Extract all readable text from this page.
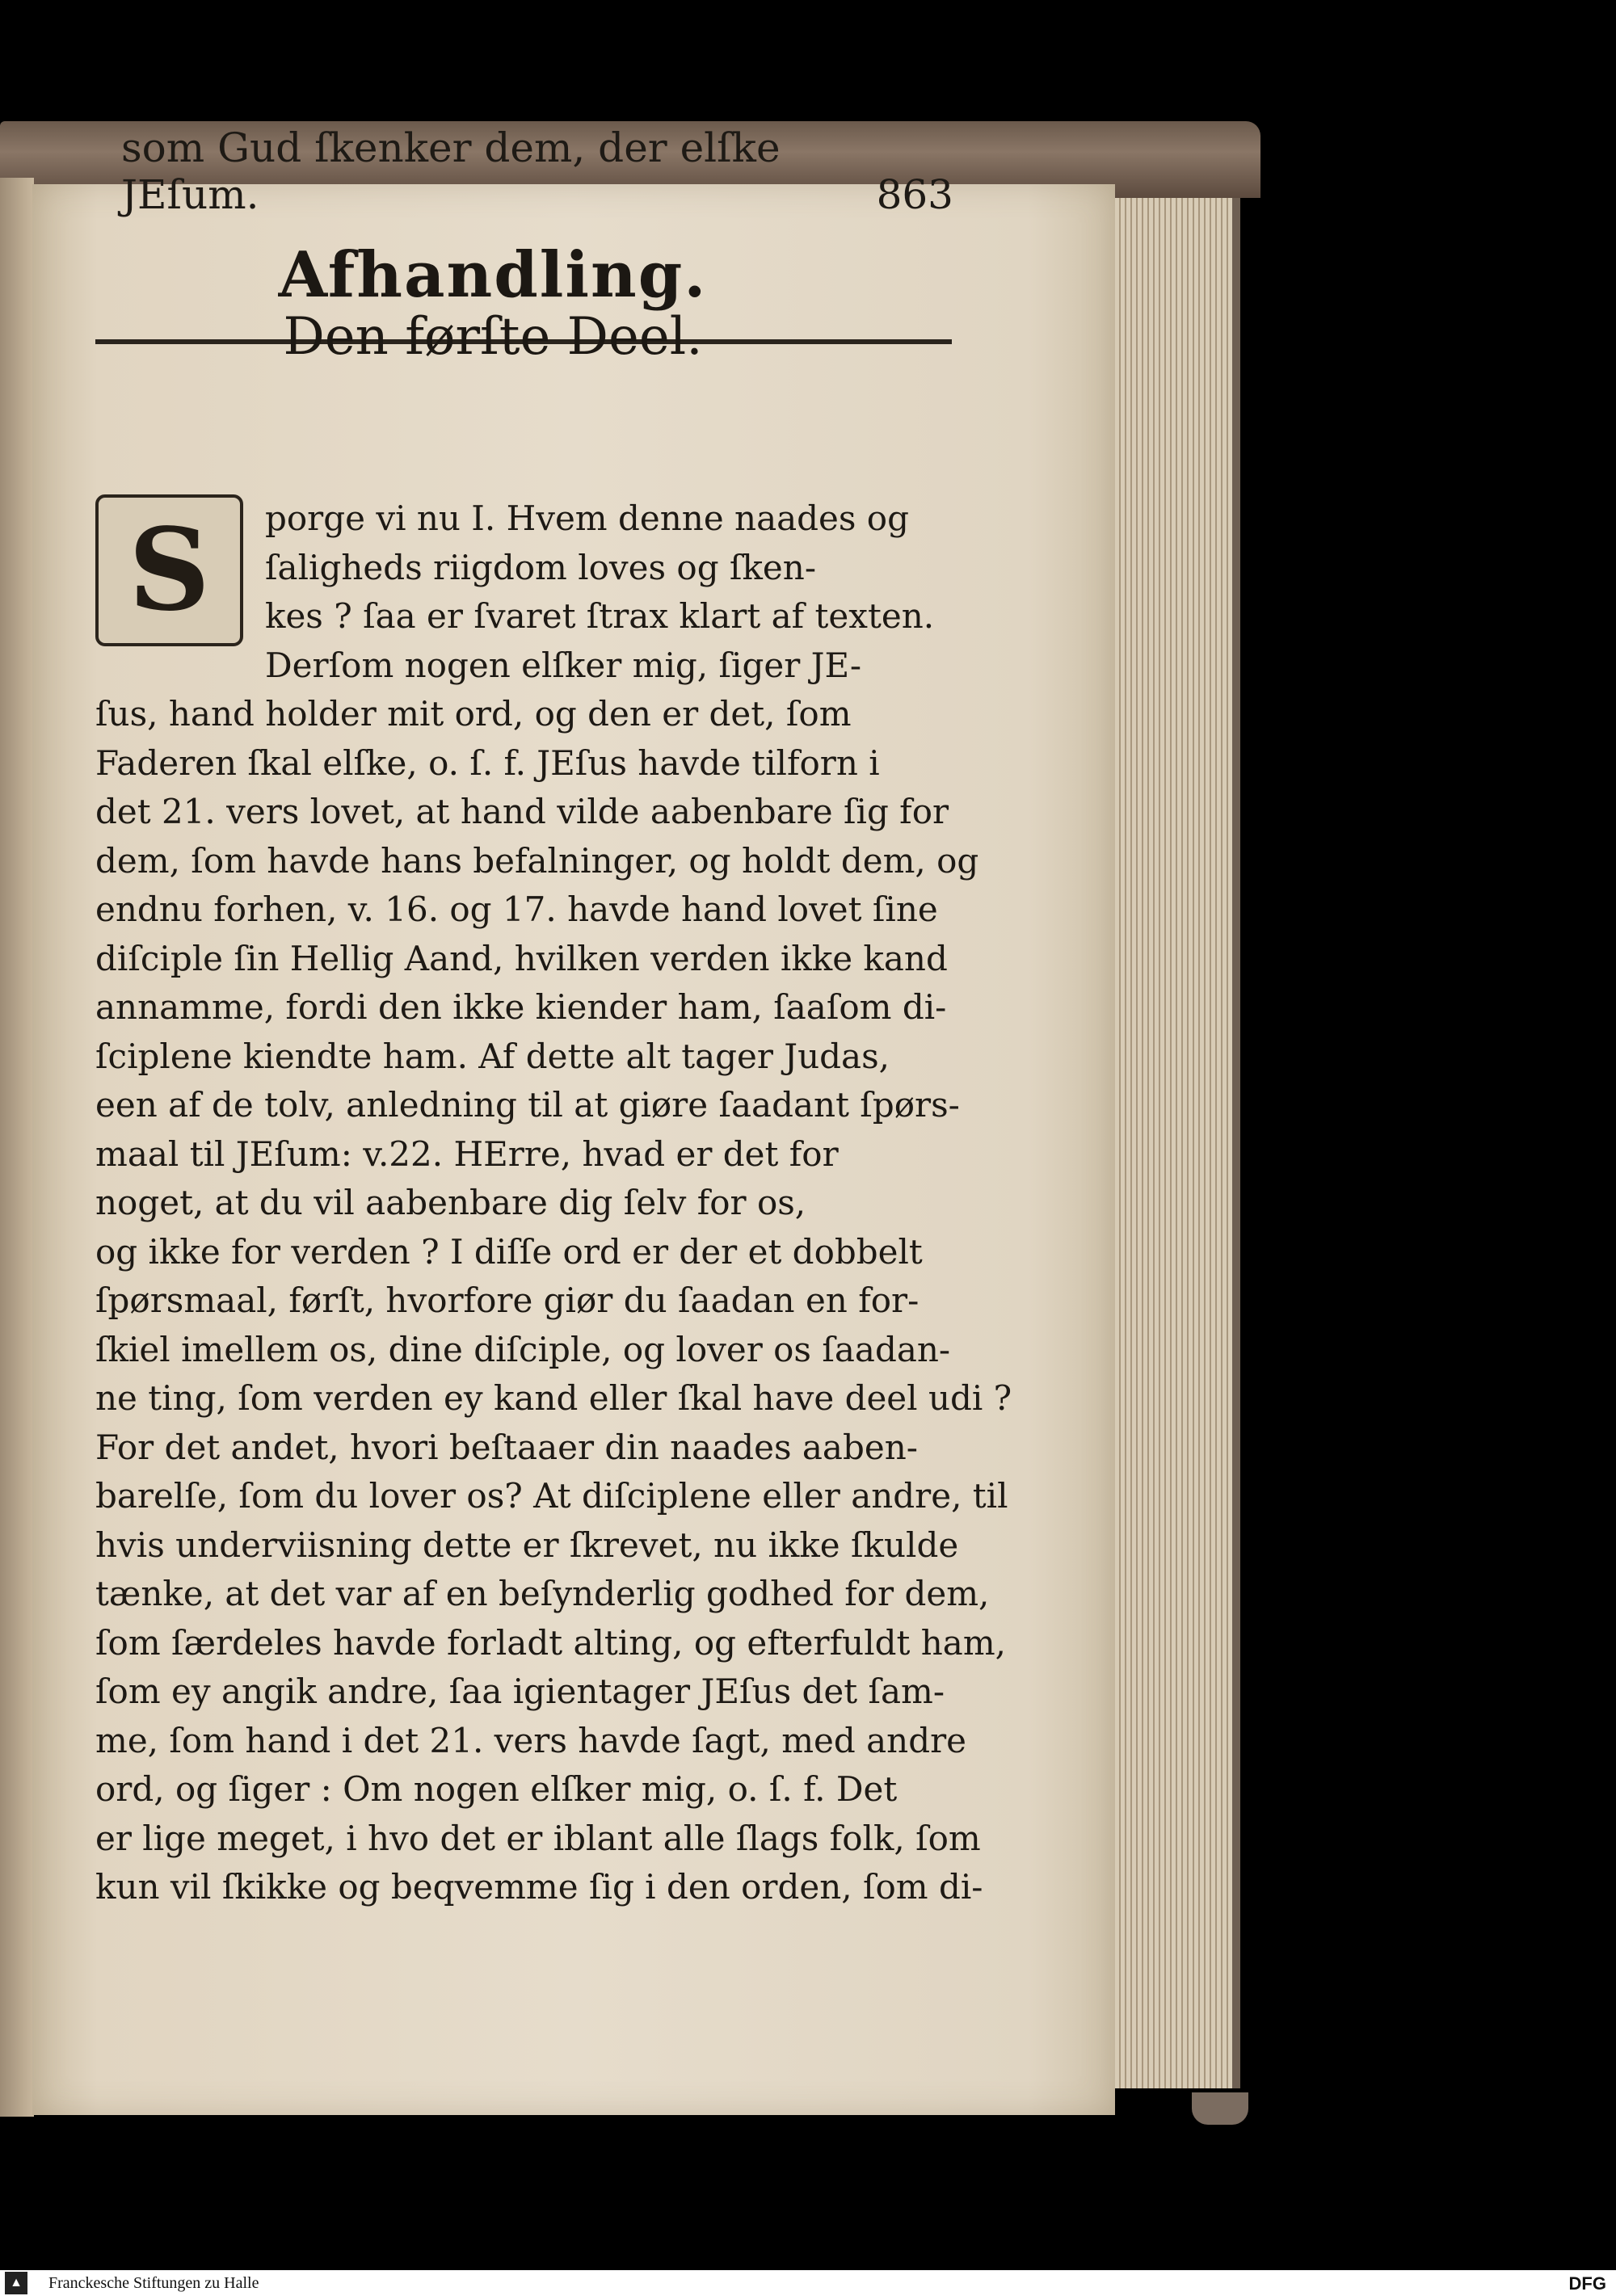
som Gud ſkenker dem, der elſke JEſum.	863
Afhandling.
Den førſte Deel.
porge vi nu I. Hvem denne naades og
ſaligheds riigdom loves og ſken-
kes ? ſaa er ſvaret ſtrax klart af texten.
Derſom nogen elſker mig, ſiger JE-
ſus, hand holder mit ord, og den er det, ſom
Faderen ſkal elſke, o. ſ. f. JEſus havde tilforn i
det 21. vers lovet, at hand vilde aabenbare ſig for
dem, ſom havde hans befalninger, og holdt dem, og
endnu forhen, v. 16. og 17. havde hand lovet ſine
diſciple ſin Hellig Aand, hvilken verden ikke kand
annamme, fordi den ikke kiender ham, ſaaſom di-
ſciplene kiendte ham. Af dette alt tager Judas,
een af de tolv, anledning til at giøre ſaadant ſpørs-
maal til JEſum: v.22. HErre, hvad er det for
noget, at du vil aabenbare dig ſelv for os,
og ikke for verden ? I diſſe ord er der et dobbelt
ſpørsmaal, førſt, hvorfore giør du ſaadan en for-
ſkiel imellem os, dine diſciple, og lover os ſaadan-
ne ting, ſom verden ey kand eller ſkal have deel udi ?
For det andet, hvori beſtaaer din naades aaben-
barelſe, ſom du lover os? At diſciplene eller andre, til
hvis underviisning dette er ſkrevet, nu ikke ſkulde
tænke, at det var af en beſynderlig godhed for dem,
ſom ſærdeles havde forladt alting, og efterfuldt ham,
ſom ey angik andre, ſaa igientager JEſus det ſam-
me, ſom hand i det 21. vers havde ſagt, med andre
ord, og ſiger : Om nogen elſker mig, o. ſ. f. Det
er lige meget, i hvo det er iblant alle ſlags folk, ſom
kun vil ſkikke og beqvemme ſig i den orden, ſom di-
S
ſciple-
▲	Franckesche Stiftungen zu Halle	DFG
